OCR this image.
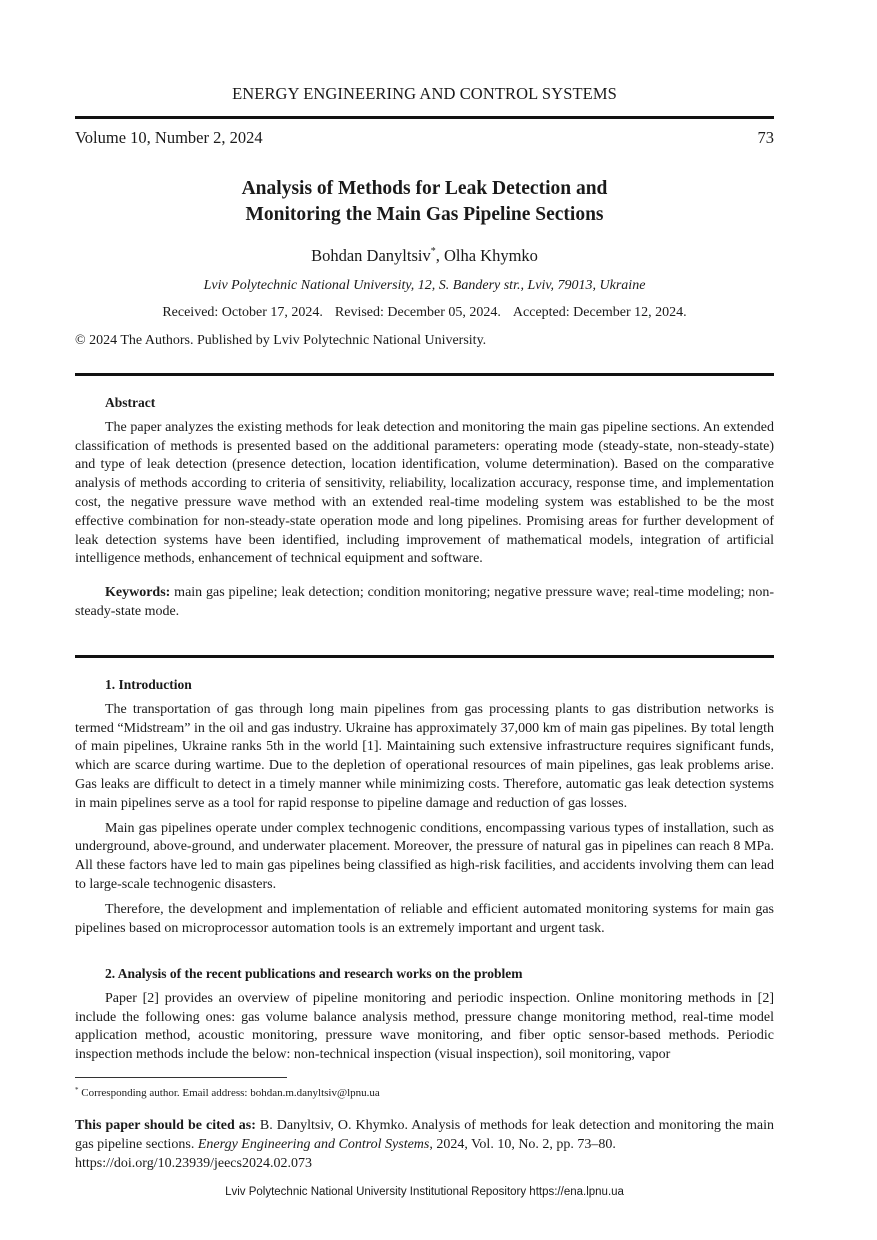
ENERGY ENGINEERING AND CONTROL SYSTEMS
Volume 10, Number 2, 2024	73
Analysis of Methods for Leak Detection and
Monitoring the Main Gas Pipeline Sections
Bohdan Danyltsiv*, Olha Khymko
Lviv Polytechnic National University, 12, S. Bandery str., Lviv, 79013, Ukraine
Received: October 17, 2024. Revised: December 05, 2024. Accepted: December 12, 2024.
© 2024 The Authors. Published by Lviv Polytechnic National University.
Abstract

The paper analyzes the existing methods for leak detection and monitoring the main gas pipeline sections. An extended classification of methods is presented based on the additional parameters: operating mode (steady-state, non-steady-state) and type of leak detection (presence detection, location identification, volume determination). Based on the comparative analysis of methods according to criteria of sensitivity, reliability, localization accuracy, response time, and implementation cost, the negative pressure wave method with an extended real-time modeling system was established to be the most effective combination for non-steady-state operation mode and long pipelines. Promising areas for further development of leak detection systems have been identified, including improvement of mathematical models, integration of artificial intelligence methods, enhancement of technical equipment and software.

Keywords: main gas pipeline; leak detection; condition monitoring; negative pressure wave; real-time modeling; non-steady-state mode.

1. Introduction

The transportation of gas through long main pipelines from gas processing plants to gas distribution networks is termed “Midstream” in the oil and gas industry. Ukraine has approximately 37,000 km of main gas pipelines. By total length of main pipelines, Ukraine ranks 5th in the world [1]. Maintaining such extensive infrastructure requires significant funds, which are scarce during wartime. Due to the depletion of operational resources of main pipelines, gas leak problems arise. Gas leaks are difficult to detect in a timely manner while minimizing costs. Therefore, automatic gas leak detection systems in main pipelines serve as a tool for rapid response to pipeline damage and reduction of gas losses.

Main gas pipelines operate under complex technogenic conditions, encompassing various types of installation, such as underground, above-ground, and underwater placement. Moreover, the pressure of natural gas in pipelines can reach 8 MPa. All these factors have led to main gas pipelines being classified as high-risk facilities, and accidents involving them can lead to large-scale technogenic disasters.

Therefore, the development and implementation of reliable and efficient automated monitoring systems for main gas pipelines based on microprocessor automation tools is an extremely important and urgent task.

2. Analysis of the recent publications and research works on the problem

Paper [2] provides an overview of pipeline monitoring and periodic inspection. Online monitoring methods in [2] include the following ones: gas volume balance analysis method, pressure change monitoring method, real-time model application method, acoustic monitoring, pressure wave monitoring, and fiber optic sensor-based methods. Periodic inspection methods include the below: non-technical inspection (visual inspection), soil monitoring, vapor

* Corresponding author. Email address: bohdan.m.danyltsiv@lpnu.ua
This paper should be cited as: B. Danyltsiv, O. Khymko. Analysis of methods for leak detection and monitoring the main gas pipeline sections. Energy Engineering and Control Systems, 2024, Vol. 10, No. 2, pp. 73–80.
https://doi.org/10.23939/jeecs2024.02.073
Lviv Polytechnic National University Institutional Repository https://ena.lpnu.ua
